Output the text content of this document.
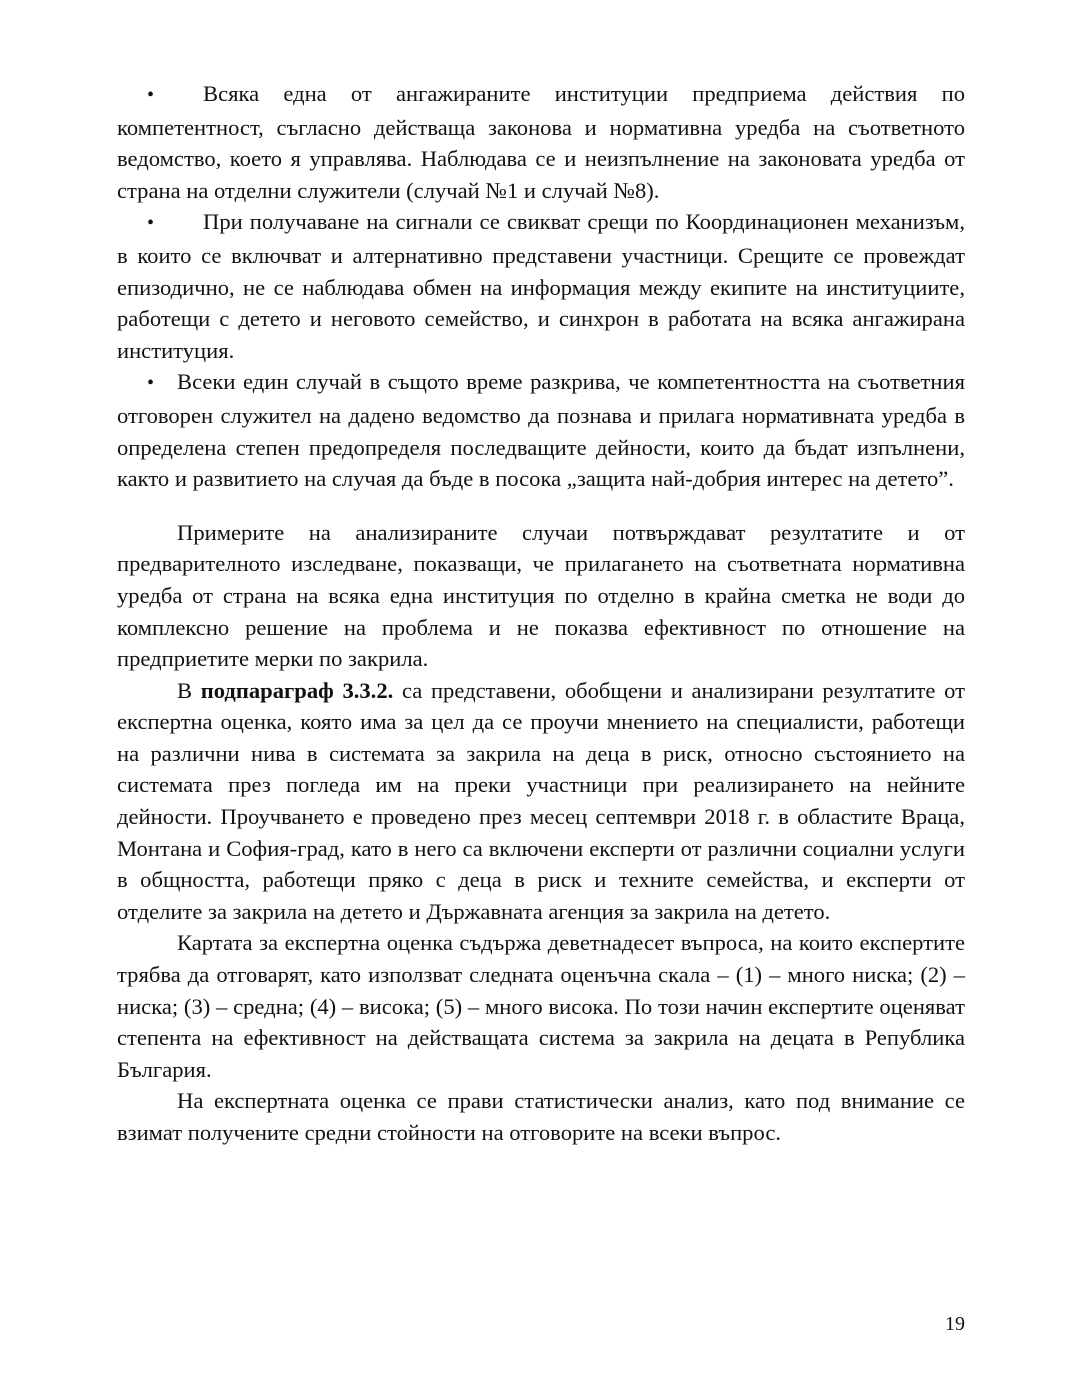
• Всяка една от ангажираните институции предприема действия по компетентност, съгласно действаща законова и нормативна уредба на съответното ведомство, което я управлява. Наблюдава се и неизпълнение на законовата уредба от страна на отделни служители (случай №1 и случай №8).

• При получаване на сигнали се свикват срещи по Координационен механизъм, в които се включват и алтернативно представени участници. Срещите се провеждат епизодично, не се наблюдава обмен на информация между екипите на институциите, работещи с детето и неговото семейство, и синхрон в работата на всяка ангажирана институция.

• Всеки един случай в същото време разкрива, че компетентността на съответния отговорен служител на дадено ведомство да познава и прилага нормативната уредба в определена степен предопределя последващите дейности, които да бъдат изпълнени, както и развитието на случая да бъде в посока „защита най-добрия интерес на детето”.

Примерите на анализираните случаи потвърждават резултатите и от предварителното изследване, показващи, че прилагането на съответната нормативна уредба от страна на всяка една институция по отделно в крайна сметка не води до комплексно решение на проблема и не показва ефективност по отношение на предприетите мерки по закрила.

В подпараграф 3.3.2. са представени, обобщени и анализирани резултатите от експертна оценка, която има за цел да се проучи мнението на специалисти, работещи на различни нива в системата за закрила на деца в риск, относно състоянието на системата през погледа им на преки участници при реализирането на нейните дейности. Проучването е проведено през месец септември 2018 г. в областите Враца, Монтана и София-град, като в него са включени експерти от различни социални услуги в общността, работещи пряко с деца в риск и техните семейства, и експерти от отделите за закрила на детето и Държавната агенция за закрила на детето.

Картата за експертна оценка съдържа деветнадесет въпроса, на които експертите трябва да отговарят, като използват следната оценъчна скала – (1) – много ниска; (2) – ниска; (3) – средна; (4) – висока; (5) – много висока. По този начин експертите оценяват степента на ефективност на действащата система за закрила на децата в Република България.

На експертната оценка се прави статистически анализ, като под внимание се взимат получените средни стойности на отговорите на всеки въпрос.

19
